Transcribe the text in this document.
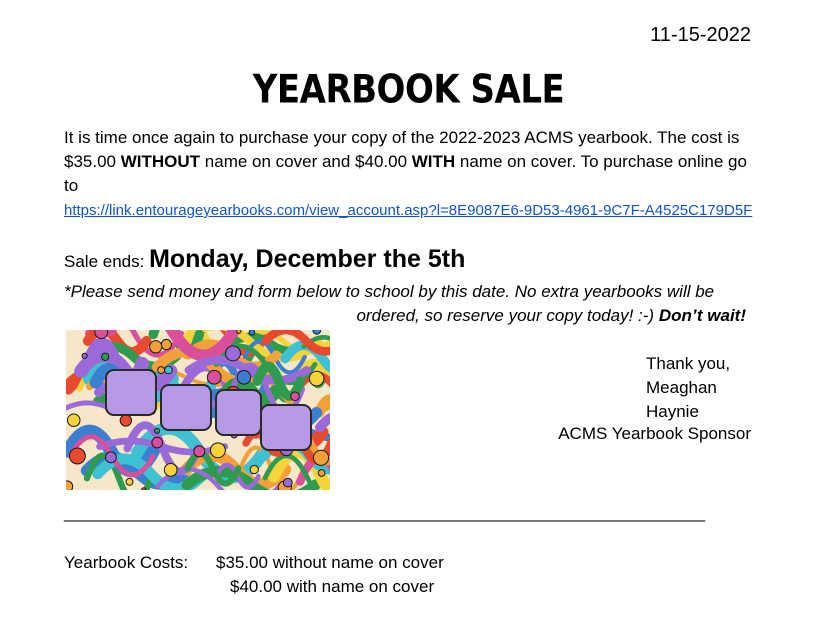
11-15-2022
YEARBOOK SALE
It is time once again to purchase your copy of the 2022-2023 ACMS yearbook. The cost is $35.00 WITHOUT name on cover and $40.00 WITH name on cover. To purchase online go to
https://link.entourageyearbooks.com/view_account.asp?l=8E9087E6-9D53-4961-9C7F-A4525C179D5F
Sale ends: Monday, December the 5th
*Please send money and form below to school by this date. No extra yearbooks will be
ordered, so reserve your copy today! :-) Don’t wait!
Thank you,
Meaghan
Haynie
ACMS Yearbook Sponsor
______________________________________________________________________
Yearbook Costs: $35.00 without name on cover
$40.00 with name on cover
